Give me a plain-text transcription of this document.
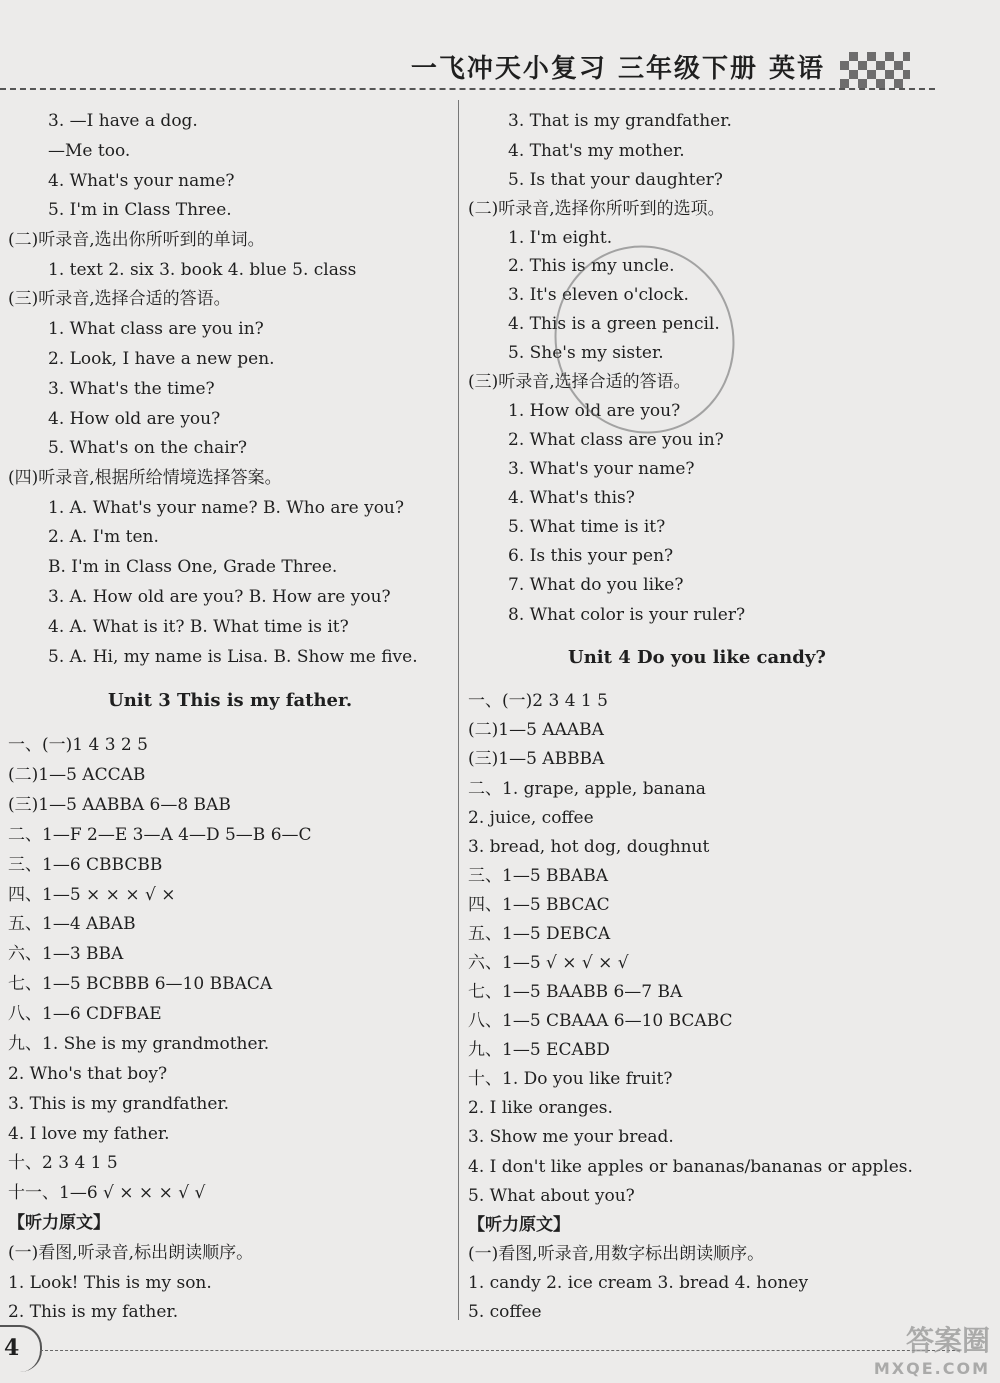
一飞冲天小复习 三年级下册 英语
3. —I have a dog.
—Me too.
4. What's your name?
5. I'm in Class Three.
(二)听录音,选出你所听到的单词。
1. text 2. six 3. book 4. blue 5. class
(三)听录音,选择合适的答语。
1. What class are you in?
2. Look, I have a new pen.
3. What's the time?
4. How old are you?
5. What's on the chair?
(四)听录音,根据所给情境选择答案。
1. A. What's your name? B. Who are you?
2. A. I'm ten.
B. I'm in Class One, Grade Three.
3. A. How old are you? B. How are you?
4. A. What is it? B. What time is it?
5. A. Hi, my name is Lisa. B. Show me five.
Unit 3 This is my father.
一、(一)1 4 3 2 5
(二)1—5 ACCAB
(三)1—5 AABBA 6—8 BAB
二、1—F 2—E 3—A 4—D 5—B 6—C
三、1—6 CBBCBB
四、1—5 × × × √ ×
五、1—4 ABAB
六、1—3 BBA
七、1—5 BCBBB 6—10 BBACA
八、1—6 CDFBAE
九、1. She is my grandmother.
2. Who's that boy?
3. This is my grandfather.
4. I love my father.
十、2 3 4 1 5
十一、1—6 √ × × × √ √
【听力原文】
(一)看图,听录音,标出朗读顺序。
1. Look! This is my son.
2. This is my father.
3. That is my grandfather.
4. That's my mother.
5. Is that your daughter?
(二)听录音,选择你所听到的选项。
1. I'm eight.
2. This is my uncle.
3. It's eleven o'clock.
4. This is a green pencil.
5. She's my sister.
(三)听录音,选择合适的答语。
1. How old are you?
2. What class are you in?
3. What's your name?
4. What's this?
5. What time is it?
6. Is this your pen?
7. What do you like?
8. What color is your ruler?
Unit 4 Do you like candy?
一、(一)2 3 4 1 5
(二)1—5 AAABA
(三)1—5 ABBBA
二、1. grape, apple, banana
2. juice, coffee
3. bread, hot dog, doughnut
三、1—5 BBABA
四、1—5 BBCAC
五、1—5 DEBCA
六、1—5 √ × √ × √
七、1—5 BAABB 6—7 BA
八、1—5 CBAAA 6—10 BCABC
九、1—5 ECABD
十、1. Do you like fruit?
2. I like oranges.
3. Show me your bread.
4. I don't like apples or bananas/bananas or apples.
5. What about you?
【听力原文】
(一)看图,听录音,用数字标出朗读顺序。
1. candy 2. ice cream 3. bread 4. honey
5. coffee
4	答案圈
MXQE.COM
